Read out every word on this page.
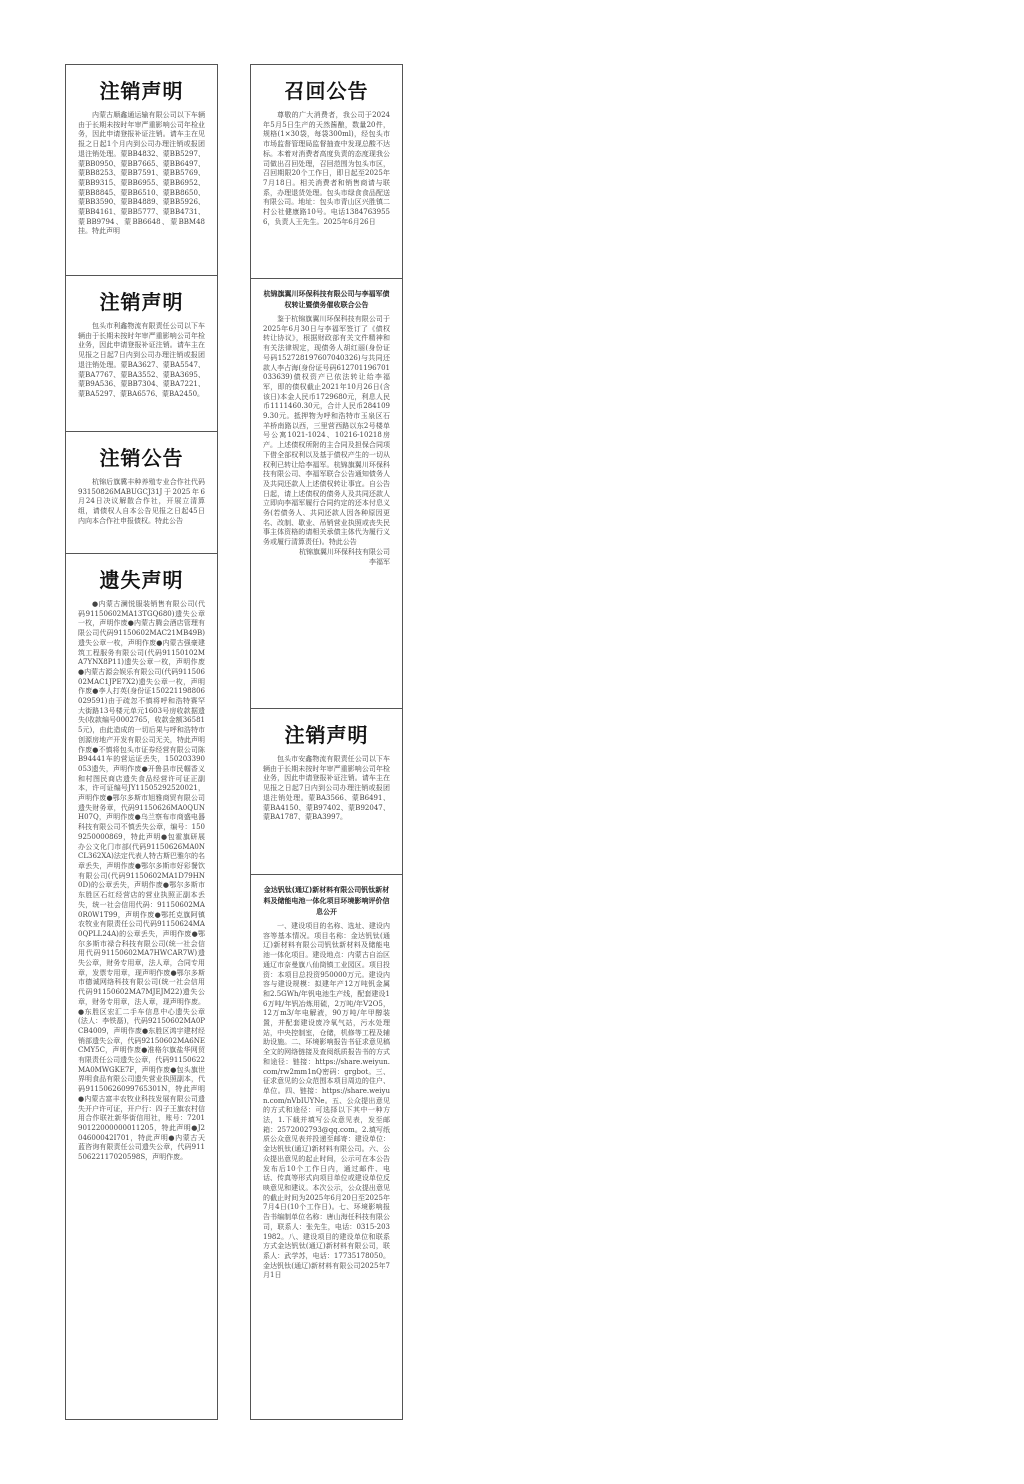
注销声明

内蒙古顺鑫通运输有限公司以下车辆由于长期未按时年审严重影响公司年检业务，因此申请登报补证注销。请车主在见报之日起1个月内到公司办理注销或报团退注销处理。蒙BB4832、蒙BB5297、蒙BB0950、蒙BB7665、蒙BB6497、蒙BB8253、蒙BB7591、蒙BB5769、蒙BB9315、蒙BB6955、蒙BB6952、蒙BB8845、蒙BB6510、蒙BB8650、蒙BB3590、蒙BB4889、蒙BB5926、蒙BB4161、蒙BB5777、蒙BB4731、蒙BB9794、蒙BB6648、蒙BBM48挂。特此声明

注销声明

包头市利鑫物流有限责任公司以下车辆由于长期未按时年审严重影响公司年检业务，因此申请登报补证注销。请车主在见报之日起7日内到公司办理注销或报团退注销处理。蒙BA3627、蒙BA5547、蒙BA7767、蒙BA3552、蒙BA3695、蒙B9A536、蒙BB7304、蒙BA7221、蒙BA5297、蒙BA6576、蒙BA2450。

注销公告

杭锦后旗冀丰种养殖专业合作社代码93150826MABUGCJ31J于2025年6月24日决议解散合作社，开展立清算组，请债权人自本公告见报之日起45日内向本合作社申报债权。特此公告

遗失声明

●内蒙古澜悦服装销售有限公司(代码91150602MA13TGQ680)遗失公章一枚，声明作废●内蒙古腾会酒店管理有限公司代码91150602MAC21MB49B)遗失公章一枚，声明作废●内蒙古强豪建筑工程服务有限公司(代码91150102MA7YNX8P11)遗失公章一枚，声明作废●内蒙古源会娱乐有限公司(代码91150602MAC1JPE7X2)遗失公章一枚，声明作废●李人打英(身份证150221198806029591)由于疏忽不慎将呼和浩特赛罕大街路13号楼元单元1603号房收款据遗失(收款编号0002765，收款金额365815元)，由此造成的一切后果与呼和浩特市创源房地产开发有限公司无关，特此声明作废●不慎将包头市证券经营有限公司陈B94441车的营运证丢失，150203390053遗失，声明作废●开鲁县市民帼香义和村图民商店遗失食品经营许可证正副本，许可证编号JY11505292520021，声明作废●鄂尔多斯市旭雅商贸有限公司遗失财务章，代码91150626MA0QUNH07Q，声明作废●乌兰察布市商盛电器科技有限公司不慎丢失公章，编号：1509250000869，特此声明●包霍旗研展办公文化门市部(代码91150626MA0NCL362XA)法定代表人特古斯巴雅尔的名章丢失，声明作废●鄂尔多斯市好彩餐饮有限公司(代码91150602MA1D79HN0D)的公章丢失，声明作废●鄂尔多斯市东胜区石红经营店的营业执照正副本丢失，统一社会信用代码：91150602MA0R0W1T99，声明作废●鄂托克旗阿镇农牧业有限责任公司代码91150624MA0QPLL24A)的公章丢失，声明作废●鄂尔多斯市禄合科技有限公司(统一社会信用代码91150602MA7HWCAR7W)遗失公章，财务专用章，法人章，合同专用章，发票专用章，现声明作废●鄂尔多斯市德诚网络科技有限公司(统一社会信用代码91150602MA7MJEJM22)遗失公章，财务专用章，法人章，现声明作废。●东胜区宏汇二手车信息中心遗失公章(法人：李铁磊)，代码92150602MA0PCB4009，声明作废●东胜区鸿宇建材经销部遗失公章，代码92150602MA6NECMY5C，声明作废●准格尔旗盐华网贸有限责任公司遗失公章，代码91150622MA0MWGKE7F，声明作废●包头旗世界明食品有限公司遗失营业执照副本，代码91150626099765301N，特此声明●内蒙古富丰农牧业科技发展有限公司遗失开户许可证，开户行：四子王旗农村信用合作联社新华街信用社，账号：720190122000000011205，特此声明●J204600042I701，特此声明●内蒙古天蓝咨询有限责任公司遗失公章，代码91150622117020598S，声明作废。

召回公告

尊敬的广大消费者，我公司于2024年5月5日生产的天然酱酿，数量20件，规格(1×30袋，每袋300ml)，经包头市市场监督管理局监督抽查中发现总酸不达标。本着对消费者高度负责的态度现我公司做出召回处理，召回范围为包头市区，召回期限20个工作日，即日起至2025年7月18日。相关消费者和销售商请与联系，办理退货处理。包头市绿食食品配送有限公司。地址：包头市青山区兴胜镇二村公社健康路10号。电话13847639556，负责人王先生。2025年6月26日

杭锦旗翼川环保科技有限公司与李福军债权转让暨债务催收联合公告

鉴于杭锦旗翼川环保科技有限公司于2025年6月30日与李福军签订了《债权转让协议》，根据财政部有关文件精神和有关法律规定，现债务人胡红丽(身份证号码152728197607040326)与共同还款人李占海(身份证号码612701196701033639)债权资产已依法转让给李福军，即的债权截止2021年10月26日(含该日)本金人民币1729680元，利息人民币1111460.30元，合计人民币2841099.30元。抵押物为呼和浩特市玉泉区石羊桥南路以西，三里营西路以东2号楼单号公寓1021-1024、10216-10218房产。上述债权所附的主合同及担保合同项下借全部权利以及基于债权产生的一切从权利已转让给李福军。杭锦旗翼川环保科技有限公司、李福军联合公告通知债务人及共同还款人上述债权转让事宜。自公告日起，请上述债权的债务人及共同还款人立即向李福军履行合同约定的还本付息义务(若债务人、共同还款人因各种原因更名、改制、歇业、吊销营业执照或丧失民事主体资格的请相关承债主体代为履行义务或履行清算责任)。特此公告

杭锦旗翼川环保科技有限公司

李福军

注销声明

包头市安鑫物流有限责任公司以下车辆由于长期未按时年审严重影响公司年检业务，因此申请登报补证注销。请车主在见报之日起7日内到公司办理注销或报团退注销处理。蒙BA3566、蒙B6491、蒙BA4150、蒙B97402、蒙B92047、蒙BA1787、蒙BA3997。

金达钒钛(通辽)新材料有限公司钒钛新材料及储能电池一体化项目环境影响评价信息公开

一、建设项目的名称、选址、建设内容等基本情况。项目名称：金达钒钛(通辽)新材料有限公司钒钛新材料及储能电池一体化项目。建设地点：内蒙古自治区通辽市奈曼旗八仙筒镇工业园区。项目投资：本项目总投资950000万元。建设内容与建设规模：拟建年产12万吨钒金属和2.5GWh/年钒电池生产线，配套建设16万吨/年钒冶炼用硫，2万吨/年V2O5，12万m3/年电解液，90万吨/年甲醇装置，并配套建设废冷氧气站，污水处理站，中央控制室，仓储，机修等工程及辅助设施。二、环境影响报告书征求意见稿全文的网络链接及查阅纸质报告书的方式和途径：链接：https://share.weiyun.com/rw2mm1nQ密码：grgbot。三、征求意见的公众范围本项目周边的住户、单位。四、链接：https://share.weiyun.com/nVbIUYNe。五、公众提出意见的方式和途径：可选择以下其中一种方法，1.下载并填写公众意见表，发至邮箱：2572002793@qq.com。2.填写纸质公众意见表并投递至邮寄：建设单位：金达钒钛(通辽)新材料有限公司。六、公众提出意见的起止时间，公示可在本公告发布后10个工作日内，通过邮件、电话、传真等形式向项目单位或建设单位反映意见和建议。本次公示，公众提出意见的截止时间为2025年6月20日至2025年7月4日(10个工作日)。七、环境影响报告书编制单位名称：唐山海任科技有限公司，联系人：张先生，电话：0315-2031982。八、建设项目的建设单位和联系方式金达钒钛(通辽)新材料有限公司，联系人：武学苏，电话：17735178050。金达钒钛(通辽)新材料有限公司2025年7月1日
